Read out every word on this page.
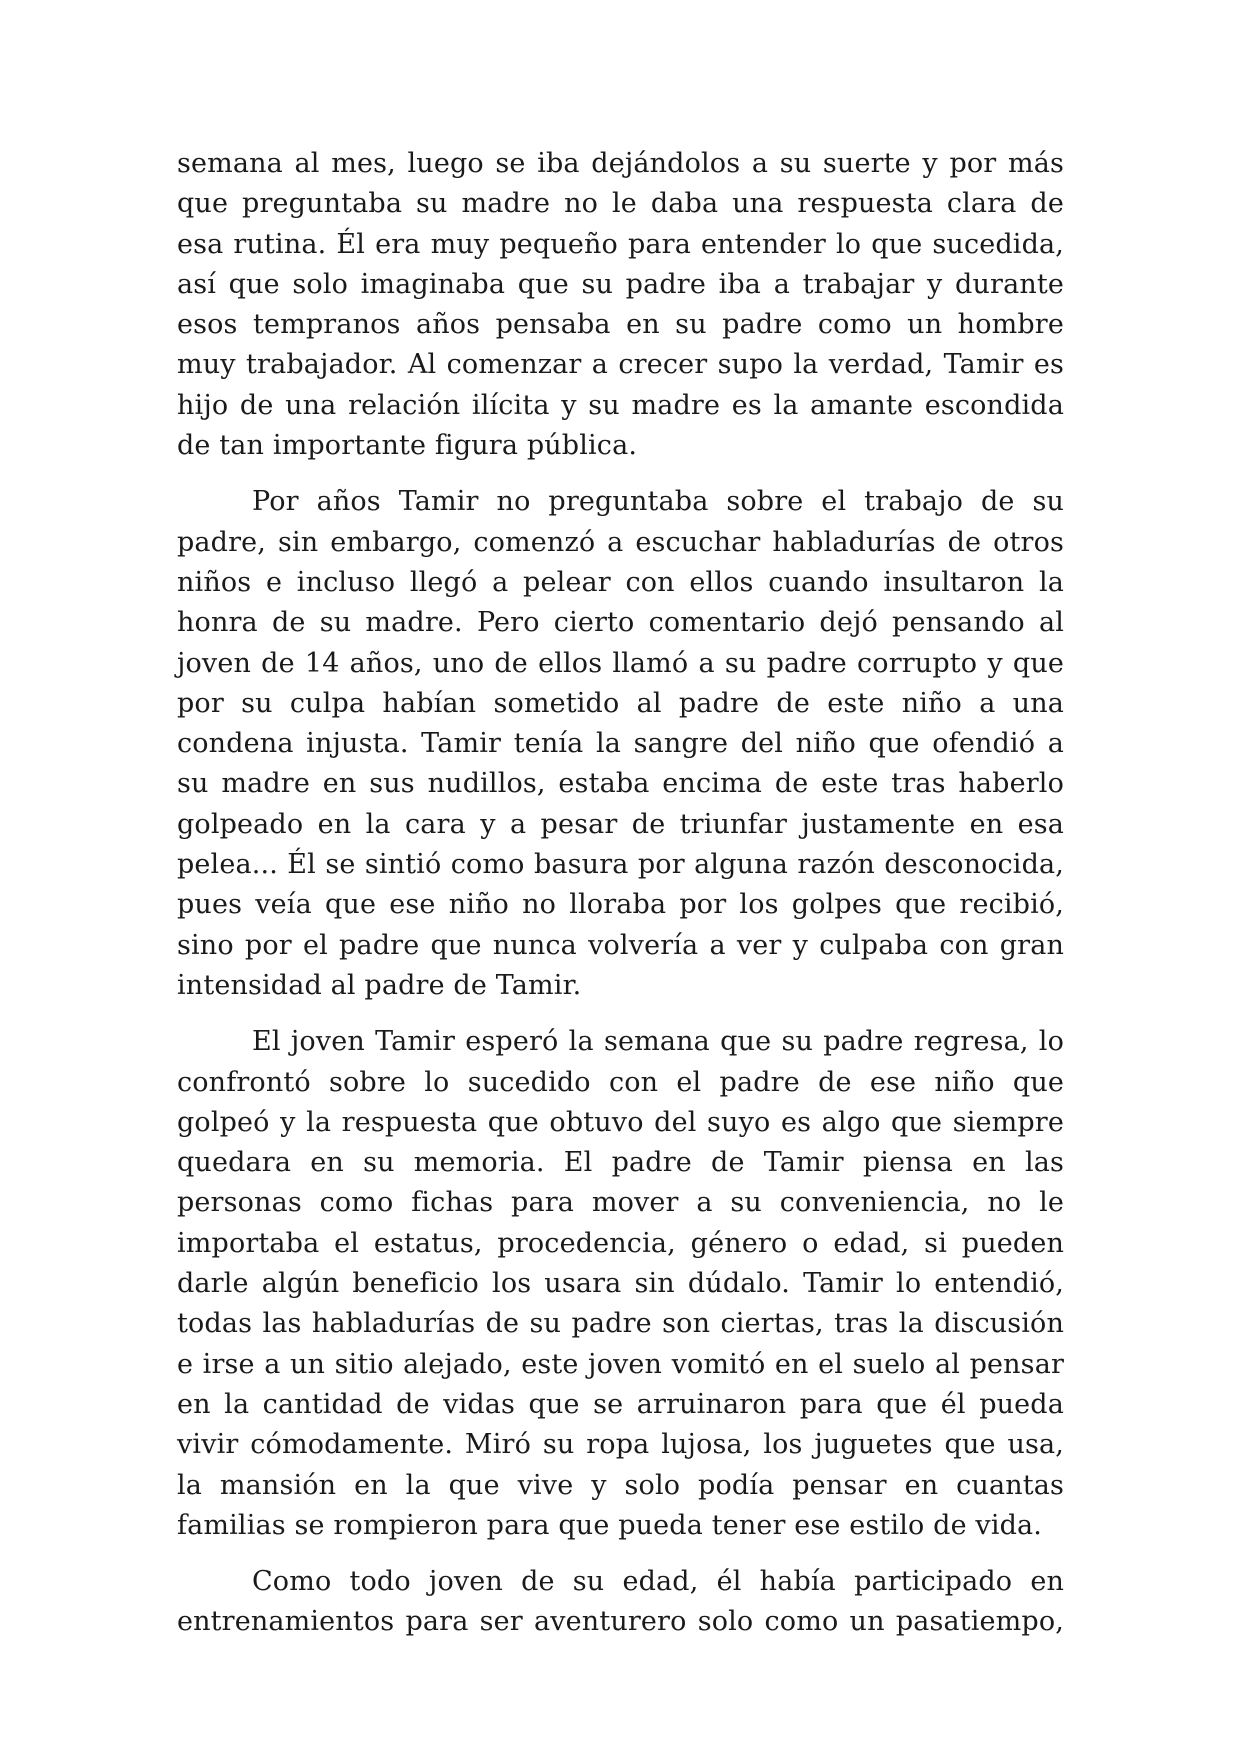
semana al mes, luego se iba dejándolos a su suerte y por más que preguntaba su madre no le daba una respuesta clara de esa rutina. Él era muy pequeño para entender lo que sucedida, así que solo imaginaba que su padre iba a trabajar y durante esos tempranos años pensaba en su padre como un hombre muy trabajador. Al comenzar a crecer supo la verdad, Tamir es hijo de una relación ilícita y su madre es la amante escondida de tan importante figura pública.

Por años Tamir no preguntaba sobre el trabajo de su padre, sin embargo, comenzó a escuchar habladurías de otros niños e incluso llegó a pelear con ellos cuando insultaron la honra de su madre. Pero cierto comentario dejó pensando al joven de 14 años, uno de ellos llamó a su padre corrupto y que por su culpa habían sometido al padre de este niño a una condena injusta. Tamir tenía la sangre del niño que ofendió a su madre en sus nudillos, estaba encima de este tras haberlo golpeado en la cara y a pesar de triunfar justamente en esa pelea... Él se sintió como basura por alguna razón desconocida, pues veía que ese niño no lloraba por los golpes que recibió, sino por el padre que nunca volvería a ver y culpaba con gran intensidad al padre de Tamir.

El joven Tamir esperó la semana que su padre regresa, lo confrontó sobre lo sucedido con el padre de ese niño que golpeó y la respuesta que obtuvo del suyo es algo que siempre quedara en su memoria. El padre de Tamir piensa en las personas como fichas para mover a su conveniencia, no le importaba el estatus, procedencia, género o edad, si pueden darle algún beneficio los usara sin dúdalo. Tamir lo entendió, todas las habladurías de su padre son ciertas, tras la discusión e irse a un sitio alejado, este joven vomitó en el suelo al pensar en la cantidad de vidas que se arruinaron para que él pueda vivir cómodamente. Miró su ropa lujosa, los juguetes que usa, la mansión en la que vive y solo podía pensar en cuantas familias se rompieron para que pueda tener ese estilo de vida.

Como todo joven de su edad, él había participado en entrenamientos para ser aventurero solo como un pasatiempo,
